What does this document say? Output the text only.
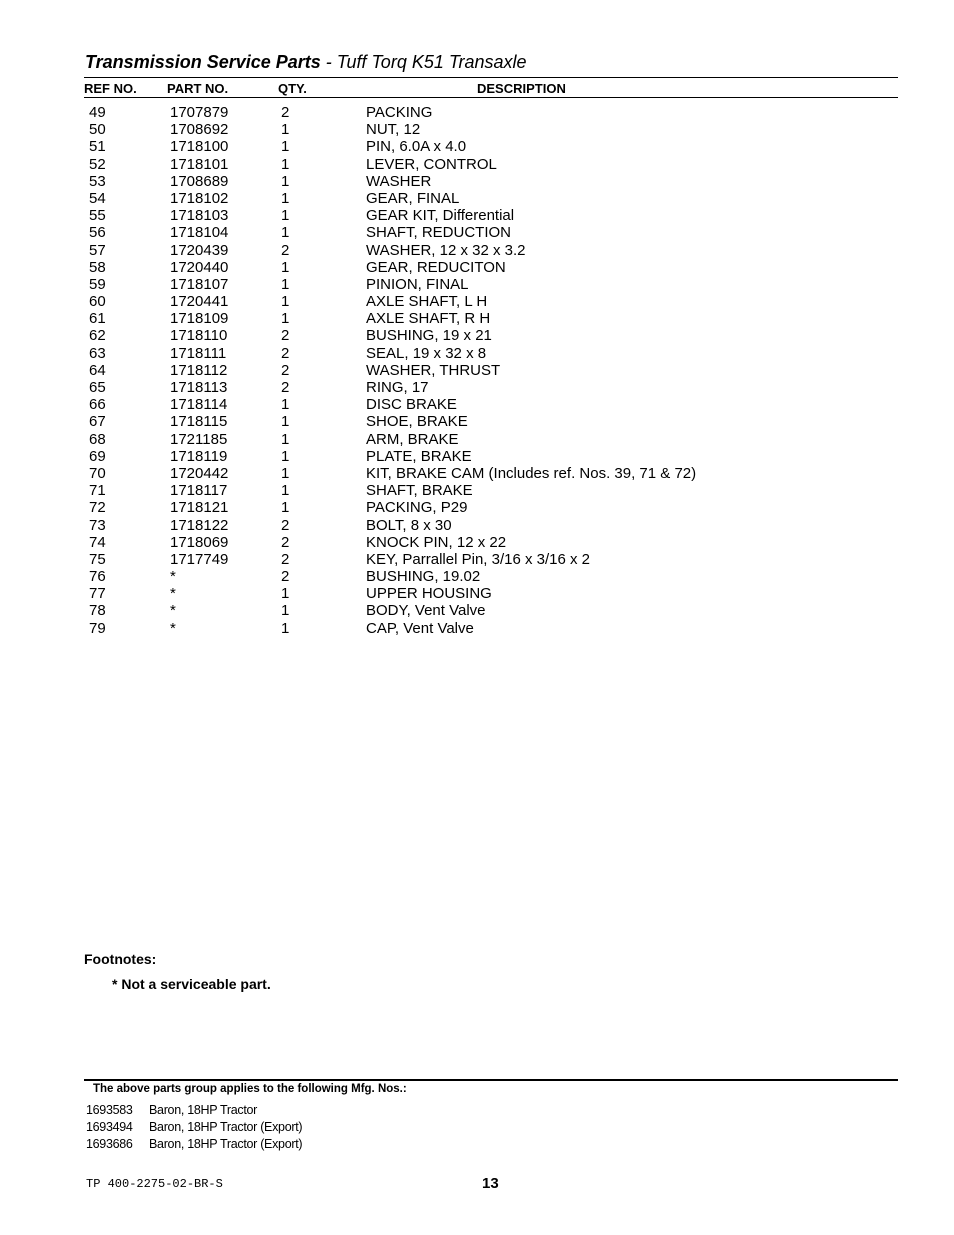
Transmission Service Parts - Tuff Torq K51 Transaxle
REF NO. PART NO.	QTY.	DESCRIPTION
49	1707879	2	PACKING
50	1708692	1	NUT, 12
51	1718100	1	PIN, 6.0A x 4.0
52	1718101	1	LEVER, CONTROL
53	1708689	1	WASHER
54	1718102	1	GEAR, FINAL
55	1718103	1	GEAR KIT, Differential
56	1718104	1	SHAFT, REDUCTION
57	1720439	2	WASHER, 12 x 32 x 3.2
58	1720440	1	GEAR, REDUCITON
59	1718107	1	PINION, FINAL
60	1720441	1	AXLE SHAFT, L H
61	1718109	1	AXLE SHAFT, R H
62	1718110	2	BUSHING, 19 x 21
63	1718111	2	SEAL, 19 x 32 x 8
64	1718112	2	WASHER, THRUST
65	1718113	2	RING, 17
66	1718114	1	DISC BRAKE
67	1718115	1	SHOE, BRAKE
68	1721185	1	ARM, BRAKE
69	1718119	1	PLATE, BRAKE
70	1720442	1	KIT, BRAKE CAM (Includes ref. Nos. 39, 71 & 72)
71	1718117	1	SHAFT, BRAKE
72	1718121	1	PACKING, P29
73	1718122	2	BOLT, 8 x 30
74	1718069	2	KNOCK PIN, 12 x 22
75	1717749	2	KEY, Parrallel Pin, 3/16 x 3/16 x 2
76	*	2	BUSHING, 19.02
77	*	1	UPPER HOUSING
78	*	1	BODY, Vent Valve
79	*	1	CAP, Vent Valve
Footnotes:
* Not a serviceable part.
The above parts group applies to the following Mfg. Nos.:
1693583 Baron, 18HP Tractor
1693494 Baron, 18HP Tractor (Export)
1693686 Baron, 18HP Tractor (Export)
TP 400-2275-02-BR-S	13
